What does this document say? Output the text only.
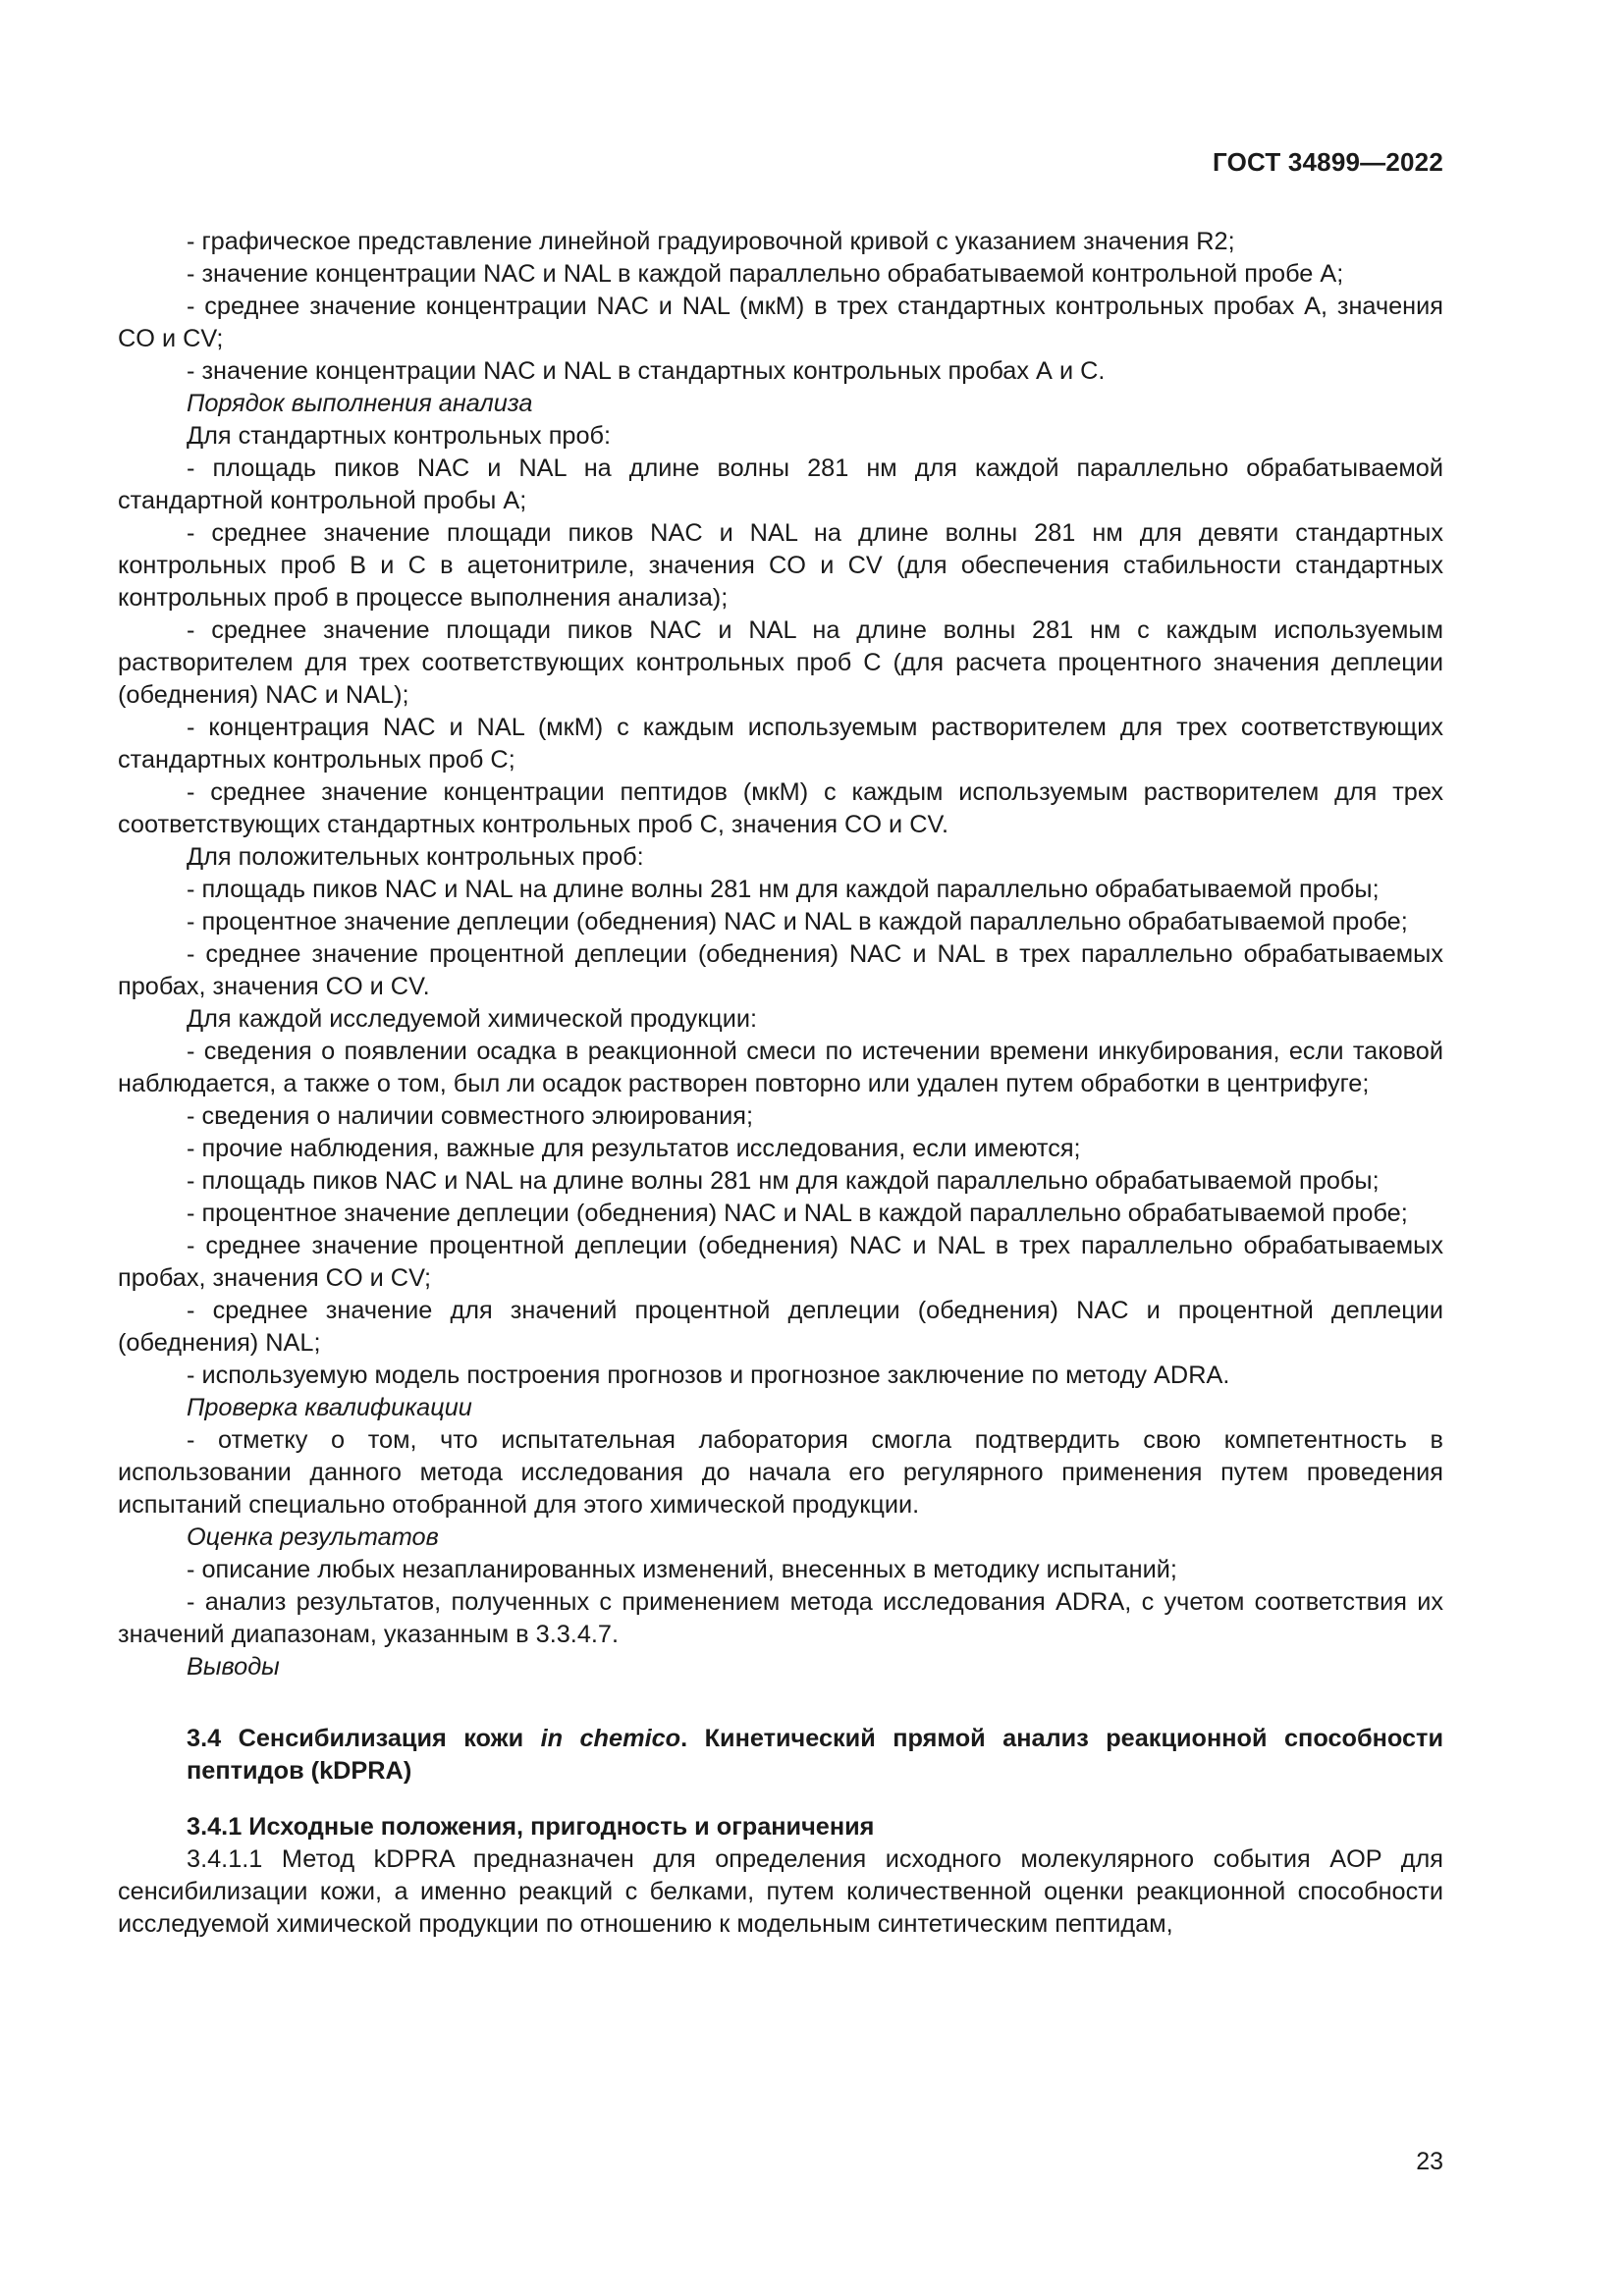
ГОСТ 34899—2022

- графическое представление линейной градуировочной кривой с указанием значения R2;

- значение концентрации NAC и NAL в каждой параллельно обрабатываемой контрольной пробе А;

- среднее значение концентрации NAC и NAL (мкМ) в трех стандартных контрольных пробах А, значения CO и CV;

- значение концентрации NAC и NAL в стандартных контрольных пробах А и С.

Порядок выполнения анализа

Для стандартных контрольных проб:

- площадь пиков NAC и NAL на длине волны 281 нм для каждой параллельно обрабатываемой стандартной контрольной пробы А;

- среднее значение площади пиков NAC и NAL на длине волны 281 нм для девяти стандартных контрольных проб В и С в ацетонитриле, значения CO и CV (для обеспечения стабильности стандартных контрольных проб в процессе выполнения анализа);

- среднее значение площади пиков NAC и NAL на длине волны 281 нм с каждым используемым растворителем для трех соответствующих контрольных проб С (для расчета процентного значения деплеции (обеднения) NAC и NAL);

- концентрация NAC и NAL (мкМ) с каждым используемым растворителем для трех соответствующих стандартных контрольных проб С;

- среднее значение концентрации пептидов (мкМ) с каждым используемым растворителем для трех соответствующих стандартных контрольных проб С, значения CO и CV.

Для положительных контрольных проб:

- площадь пиков NAC и NAL на длине волны 281 нм для каждой параллельно обрабатываемой пробы;

- процентное значение деплеции (обеднения) NAC и NAL в каждой параллельно обрабатываемой пробе;

- среднее значение процентной деплеции (обеднения) NAC и NAL в трех параллельно обрабатываемых пробах, значения CO и CV.

Для каждой исследуемой химической продукции:

- сведения о появлении осадка в реакционной смеси по истечении времени инкубирования, если таковой наблюдается, а также о том, был ли осадок растворен повторно или удален путем обработки в центрифуге;

- сведения о наличии совместного элюирования;

- прочие наблюдения, важные для результатов исследования, если имеются;

- площадь пиков NAC и NAL на длине волны 281 нм для каждой параллельно обрабатываемой пробы;

- процентное значение деплеции (обеднения) NAC и NAL в каждой параллельно обрабатываемой пробе;

- среднее значение процентной деплеции (обеднения) NAC и NAL в трех параллельно обрабатываемых пробах, значения CO и CV;

- среднее значение для значений процентной деплеции (обеднения) NAC и процентной деплеции (обеднения) NAL;

- используемую модель построения прогнозов и прогнозное заключение по методу ADRA.

Проверка квалификации

- отметку о том, что испытательная лаборатория смогла подтвердить свою компетентность в использовании данного метода исследования до начала его регулярного применения путем проведения испытаний специально отобранной для этого химической продукции.

Оценка результатов

- описание любых незапланированных изменений, внесенных в методику испытаний;

- анализ результатов, полученных с применением метода исследования ADRA, с учетом соответствия их значений диапазонам, указанным в 3.3.4.7.

Выводы

3.4 Сенсибилизация кожи in chemico. Кинетический прямой анализ реакционной способности пептидов (kDPRA)

3.4.1 Исходные положения, пригодность и ограничения

3.4.1.1 Метод kDPRA предназначен для определения исходного молекулярного события AOP для сенсибилизации кожи, а именно реакций с белками, путем количественной оценки реакционной способности исследуемой химической продукции по отношению к модельным синтетическим пептидам,

23
